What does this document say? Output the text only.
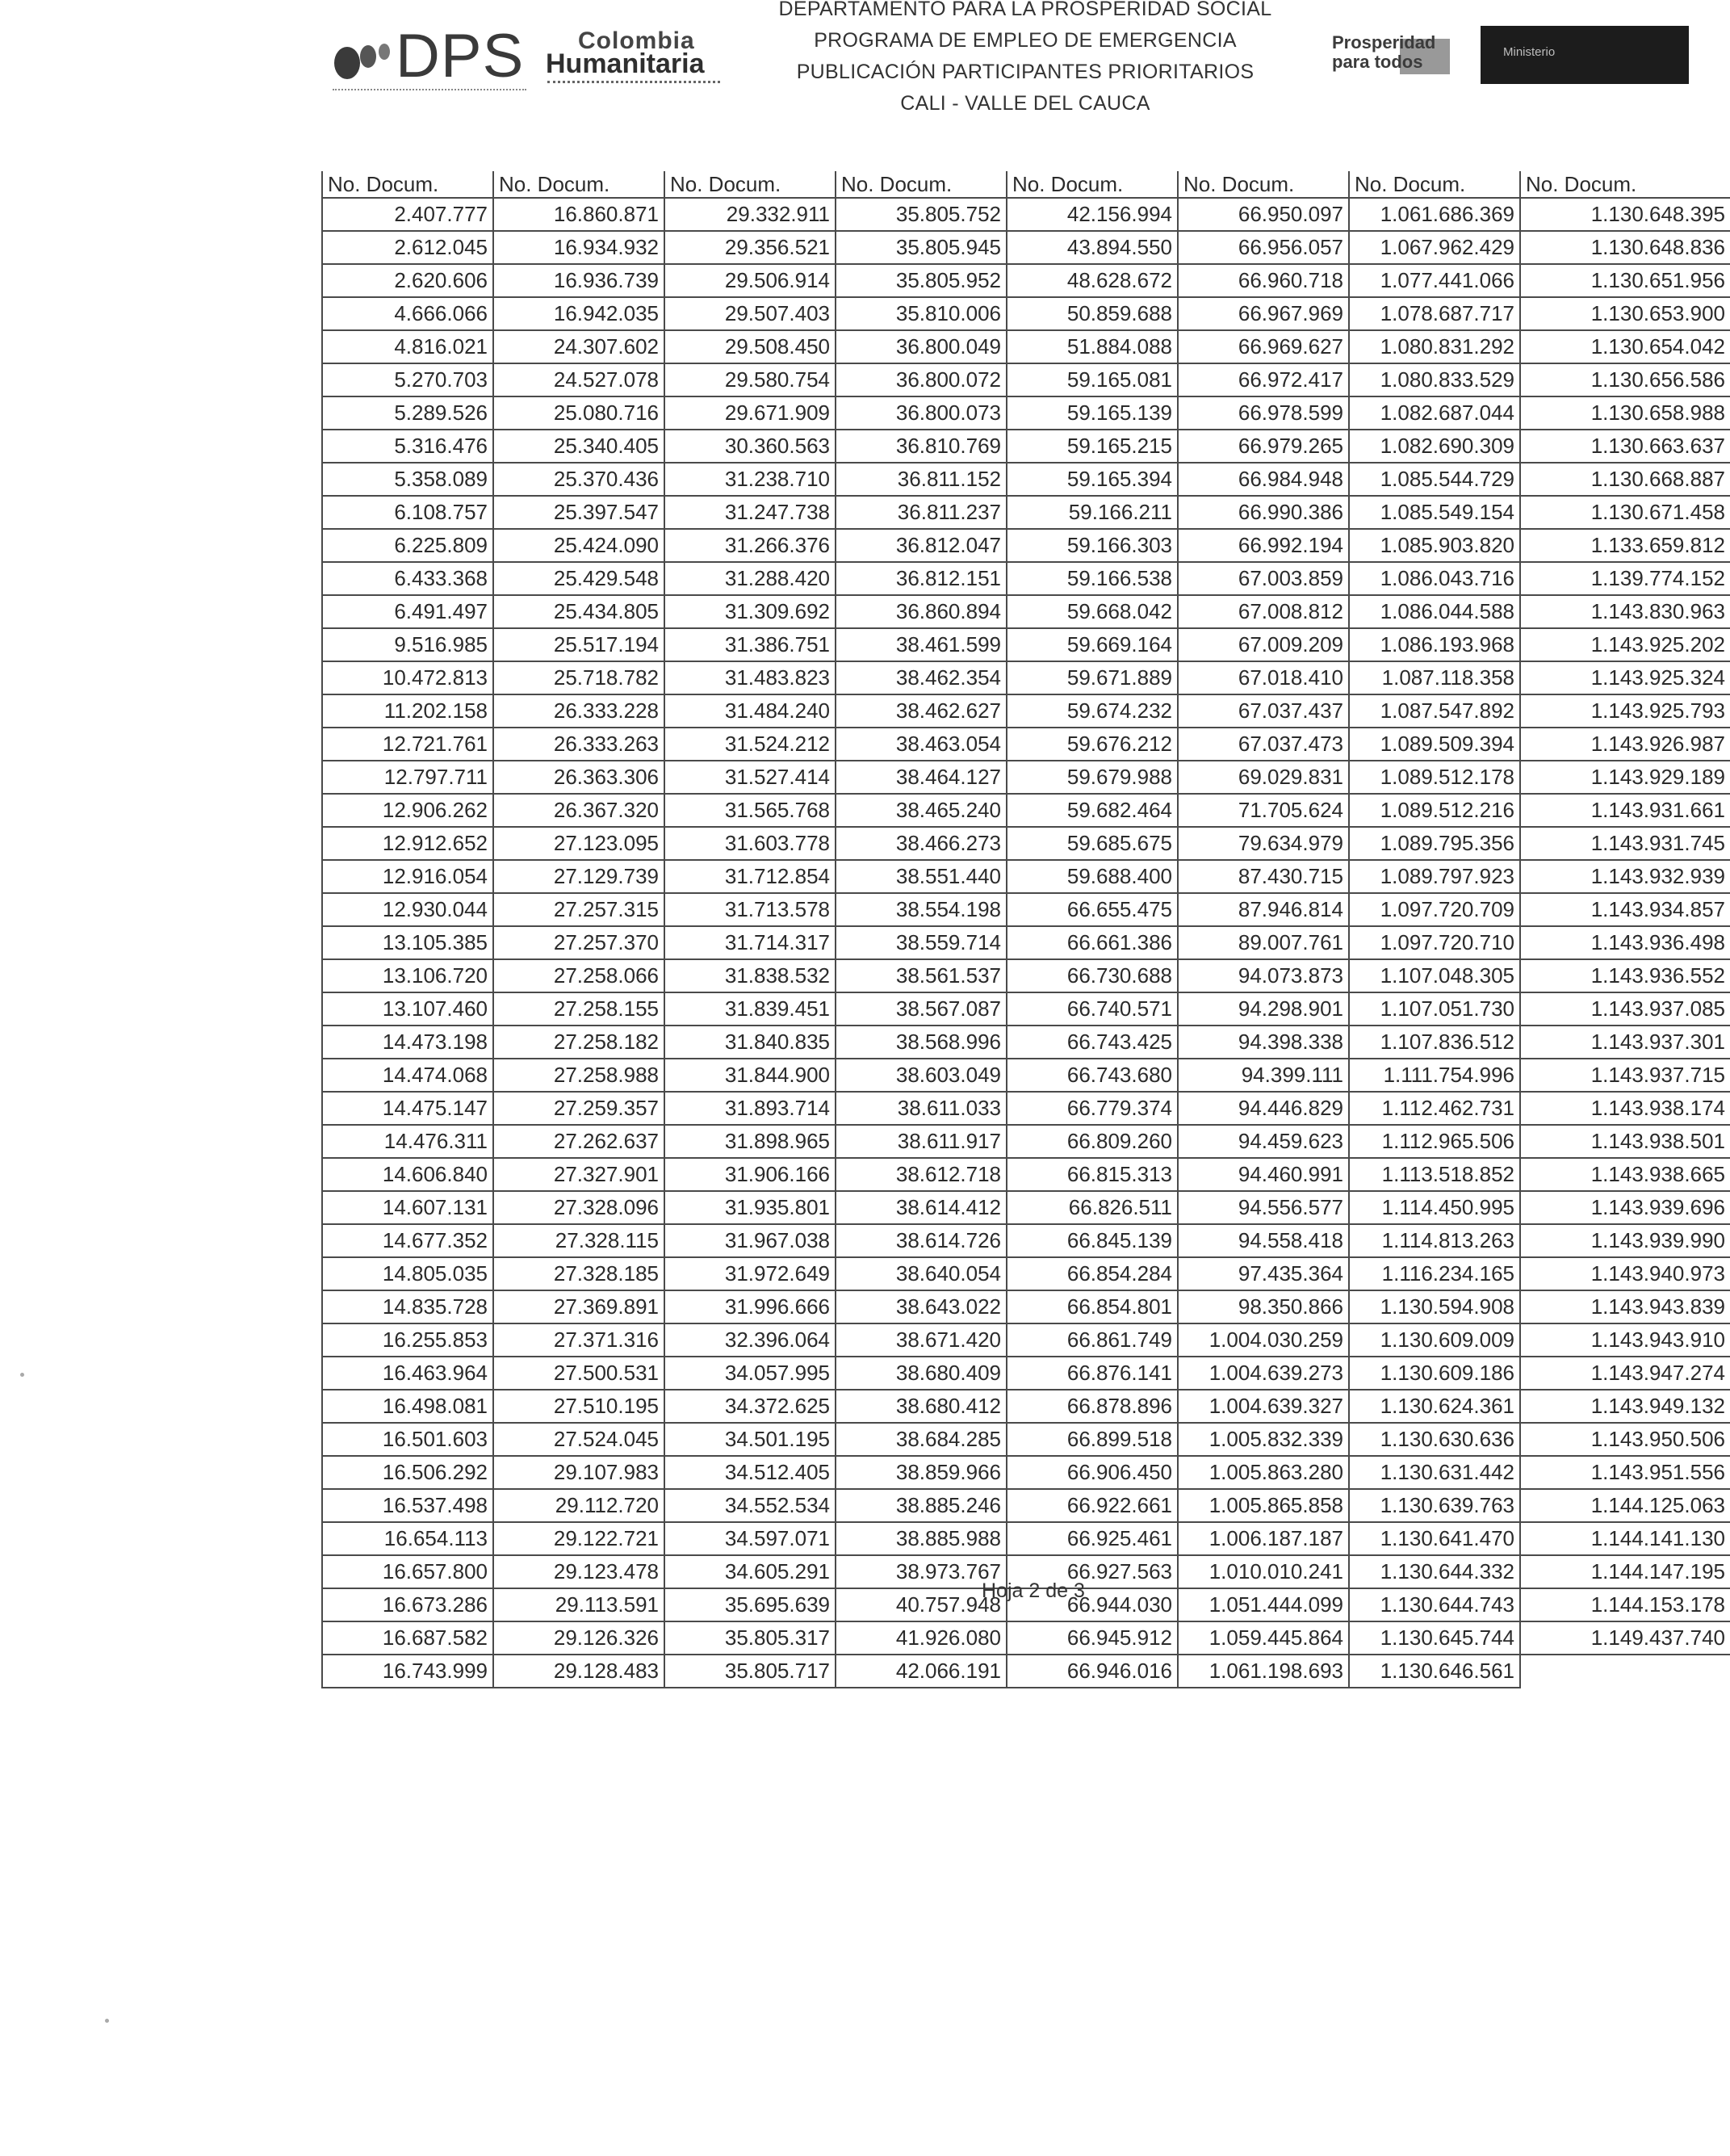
DPS Colombia
Humanitaria
DEPARTAMENTO PARA LA PROSPERIDAD SOCIAL
PROGRAMA DE EMPLEO DE EMERGENCIA
PUBLICACIÓN PARTICIPANTES PRIORITARIOS
CALI - VALLE DEL CAUCA
Prosperidad
para todos	Ministerio
No. Docum.	No. Docum.	No. Docum.	No. Docum.	No. Docum.	No. Docum.	No. Docum.	No. Docum.
2.407.777	16.860.871	29.332.911	35.805.752	42.156.994	66.950.097	1.061.686.369	1.130.648.395
2.612.045	16.934.932	29.356.521	35.805.945	43.894.550	66.956.057	1.067.962.429	1.130.648.836
2.620.606	16.936.739	29.506.914	35.805.952	48.628.672	66.960.718	1.077.441.066	1.130.651.956
4.666.066	16.942.035	29.507.403	35.810.006	50.859.688	66.967.969	1.078.687.717	1.130.653.900
4.816.021	24.307.602	29.508.450	36.800.049	51.884.088	66.969.627	1.080.831.292	1.130.654.042
5.270.703	24.527.078	29.580.754	36.800.072	59.165.081	66.972.417	1.080.833.529	1.130.656.586
5.289.526	25.080.716	29.671.909	36.800.073	59.165.139	66.978.599	1.082.687.044	1.130.658.988
5.316.476	25.340.405	30.360.563	36.810.769	59.165.215	66.979.265	1.082.690.309	1.130.663.637
5.358.089	25.370.436	31.238.710	36.811.152	59.165.394	66.984.948	1.085.544.729	1.130.668.887
6.108.757	25.397.547	31.247.738	36.811.237	59.166.211	66.990.386	1.085.549.154	1.130.671.458
6.225.809	25.424.090	31.266.376	36.812.047	59.166.303	66.992.194	1.085.903.820	1.133.659.812
6.433.368	25.429.548	31.288.420	36.812.151	59.166.538	67.003.859	1.086.043.716	1.139.774.152
6.491.497	25.434.805	31.309.692	36.860.894	59.668.042	67.008.812	1.086.044.588	1.143.830.963
9.516.985	25.517.194	31.386.751	38.461.599	59.669.164	67.009.209	1.086.193.968	1.143.925.202
10.472.813	25.718.782	31.483.823	38.462.354	59.671.889	67.018.410	1.087.118.358	1.143.925.324
11.202.158	26.333.228	31.484.240	38.462.627	59.674.232	67.037.437	1.087.547.892	1.143.925.793
12.721.761	26.333.263	31.524.212	38.463.054	59.676.212	67.037.473	1.089.509.394	1.143.926.987
12.797.711	26.363.306	31.527.414	38.464.127	59.679.988	69.029.831	1.089.512.178	1.143.929.189
12.906.262	26.367.320	31.565.768	38.465.240	59.682.464	71.705.624	1.089.512.216	1.143.931.661
12.912.652	27.123.095	31.603.778	38.466.273	59.685.675	79.634.979	1.089.795.356	1.143.931.745
12.916.054	27.129.739	31.712.854	38.551.440	59.688.400	87.430.715	1.089.797.923	1.143.932.939
12.930.044	27.257.315	31.713.578	38.554.198	66.655.475	87.946.814	1.097.720.709	1.143.934.857
13.105.385	27.257.370	31.714.317	38.559.714	66.661.386	89.007.761	1.097.720.710	1.143.936.498
13.106.720	27.258.066	31.838.532	38.561.537	66.730.688	94.073.873	1.107.048.305	1.143.936.552
13.107.460	27.258.155	31.839.451	38.567.087	66.740.571	94.298.901	1.107.051.730	1.143.937.085
14.473.198	27.258.182	31.840.835	38.568.996	66.743.425	94.398.338	1.107.836.512	1.143.937.301
14.474.068	27.258.988	31.844.900	38.603.049	66.743.680	94.399.111	1.111.754.996	1.143.937.715
14.475.147	27.259.357	31.893.714	38.611.033	66.779.374	94.446.829	1.112.462.731	1.143.938.174
14.476.311	27.262.637	31.898.965	38.611.917	66.809.260	94.459.623	1.112.965.506	1.143.938.501
14.606.840	27.327.901	31.906.166	38.612.718	66.815.313	94.460.991	1.113.518.852	1.143.938.665
14.607.131	27.328.096	31.935.801	38.614.412	66.826.511	94.556.577	1.114.450.995	1.143.939.696
14.677.352	27.328.115	31.967.038	38.614.726	66.845.139	94.558.418	1.114.813.263	1.143.939.990
14.805.035	27.328.185	31.972.649	38.640.054	66.854.284	97.435.364	1.116.234.165	1.143.940.973
14.835.728	27.369.891	31.996.666	38.643.022	66.854.801	98.350.866	1.130.594.908	1.143.943.839
16.255.853	27.371.316	32.396.064	38.671.420	66.861.749	1.004.030.259	1.130.609.009	1.143.943.910
16.463.964	27.500.531	34.057.995	38.680.409	66.876.141	1.004.639.273	1.130.609.186	1.143.947.274
16.498.081	27.510.195	34.372.625	38.680.412	66.878.896	1.004.639.327	1.130.624.361	1.143.949.132
16.501.603	27.524.045	34.501.195	38.684.285	66.899.518	1.005.832.339	1.130.630.636	1.143.950.506
16.506.292	29.107.983	34.512.405	38.859.966	66.906.450	1.005.863.280	1.130.631.442	1.143.951.556
16.537.498	29.112.720	34.552.534	38.885.246	66.922.661	1.005.865.858	1.130.639.763	1.144.125.063
16.654.113	29.122.721	34.597.071	38.885.988	66.925.461	1.006.187.187	1.130.641.470	1.144.141.130
16.657.800	29.123.478	34.605.291	38.973.767	66.927.563	1.010.010.241	1.130.644.332	1.144.147.195
16.673.286	29.113.591	35.695.639	40.757.948	66.944.030	1.051.444.099	1.130.644.743	1.144.153.178
16.687.582	29.126.326	35.805.317	41.926.080	66.945.912	1.059.445.864	1.130.645.744	1.149.437.740
16.743.999	29.128.483	35.805.717	42.066.191	66.946.016	1.061.198.693	1.130.646.561	
Hoja 2 de 3
